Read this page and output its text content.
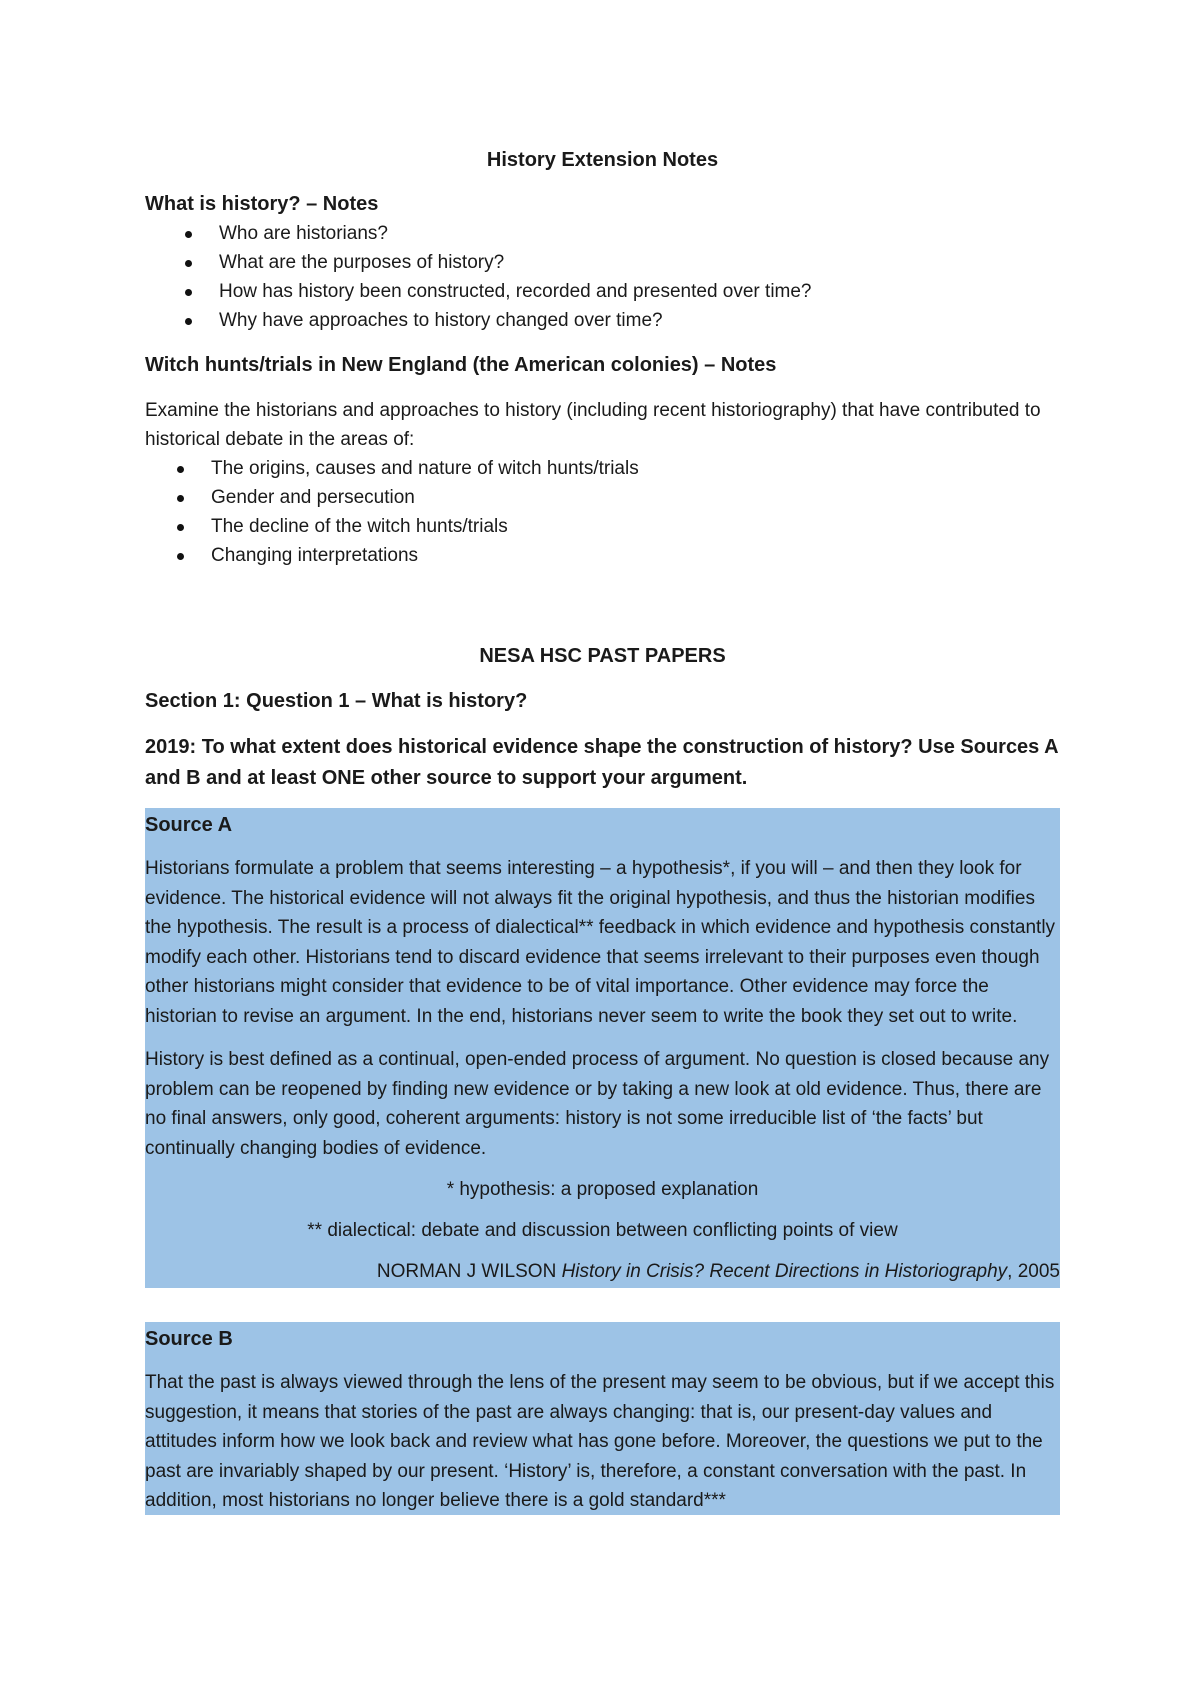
History Extension Notes
What is history? – Notes
Who are historians?
What are the purposes of history?
How has history been constructed, recorded and presented over time?
Why have approaches to history changed over time?
Witch hunts/trials in New England (the American colonies) – Notes
Examine the historians and approaches to history (including recent historiography) that have contributed to historical debate in the areas of:
The origins, causes and nature of witch hunts/trials
Gender and persecution
The decline of the witch hunts/trials
Changing interpretations
NESA HSC PAST PAPERS
Section 1: Question 1 – What is history?
2019: To what extent does historical evidence shape the construction of history? Use Sources A and B and at least ONE other source to support your argument.
Source A

Historians formulate a problem that seems interesting – a hypothesis*, if you will – and then they look for evidence. The historical evidence will not always fit the original hypothesis, and thus the historian modifies the hypothesis. The result is a process of dialectical** feedback in which evidence and hypothesis constantly modify each other. Historians tend to discard evidence that seems irrelevant to their purposes even though other historians might consider that evidence to be of vital importance. Other evidence may force the historian to revise an argument. In the end, historians never seem to write the book they set out to write.

History is best defined as a continual, open-ended process of argument. No question is closed because any problem can be reopened by finding new evidence or by taking a new look at old evidence. Thus, there are no final answers, only good, coherent arguments: history is not some irreducible list of ‘the facts’ but continually changing bodies of evidence.

* hypothesis: a proposed explanation
** dialectical: debate and discussion between conflicting points of view
NORMAN J WILSON History in Crisis? Recent Directions in Historiography, 2005
Source B

That the past is always viewed through the lens of the present may seem to be obvious, but if we accept this suggestion, it means that stories of the past are always changing: that is, our present-day values and attitudes inform how we look back and review what has gone before. Moreover, the questions we put to the past are invariably shaped by our present. ‘History’ is, therefore, a constant conversation with the past. In addition, most historians no longer believe there is a gold standard***
